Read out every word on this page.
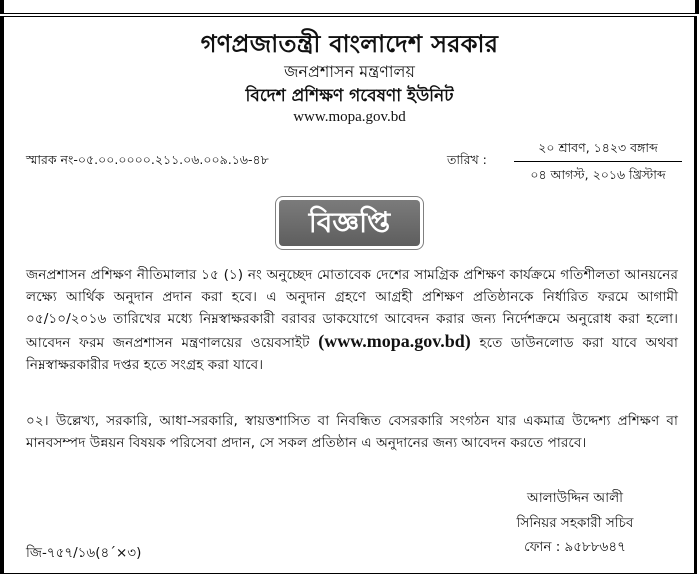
গণপ্রজাতন্ত্রী বাংলাদেশ সরকার
জনপ্রশাসন মন্ত্রণালয়
বিদেশ প্রশিক্ষণ গবেষণা ইউনিট
www.mopa.gov.bd
স্মারক নং-০৫.০০.০০০০.২১১.০৬.০০৯.১৬-৪৮	তারিখ :
২০ শ্রাবণ, ১৪২৩ বঙ্গাব্দ
০৪ আগস্ট, ২০১৬ খ্রিস্টাব্দ
বিজ্ঞপ্তি
জনপ্রশাসন প্রশিক্ষণ নীতিমালার ১৫ (১) নং অনুচ্ছেদ মোতাবেক দেশের সামগ্রিক প্রশিক্ষণ কার্যক্রমে গতিশীলতা আনয়নের লক্ষ্যে আর্থিক অনুদান প্রদান করা হবে। এ অনুদান গ্রহণে আগ্রহী প্রশিক্ষণ প্রতিষ্ঠানকে নির্ধারিত ফরমে আগামী ০৫/১০/২০১৬ তারিখের মধ্যে নিম্নস্বাক্ষরকারী বরাবর ডাকযোগে আবেদন করার জন্য নির্দেশক্রমে অনুরোধ করা হলো। আবেদন ফরম জনপ্রশাসন মন্ত্রণালয়ের ওয়েবসাইট (www.mopa.gov.bd) হতে ডাউনলোড করা যাবে অথবা নিম্নস্বাক্ষরকারীর দপ্তর হতে সংগ্রহ করা যাবে।
০২। উল্লেখ্য, সরকারি, আধা-সরকারি, স্বায়ত্তশাসিত বা নিবন্ধিত বেসরকারি সংগঠন যার একমাত্র উদ্দেশ্য প্রশিক্ষণ বা মানবসম্পদ উন্নয়ন বিষয়ক পরিসেবা প্রদান, সে সকল প্রতিষ্ঠান এ অনুদানের জন্য আবেদন করতে পারবে।
আলাউদ্দিন আলী
সিনিয়র সহকারী সচিব
ফোন : ৯৫৮৮৬৪৭
জি-৭৫৭/১৬(৪´×৩)
